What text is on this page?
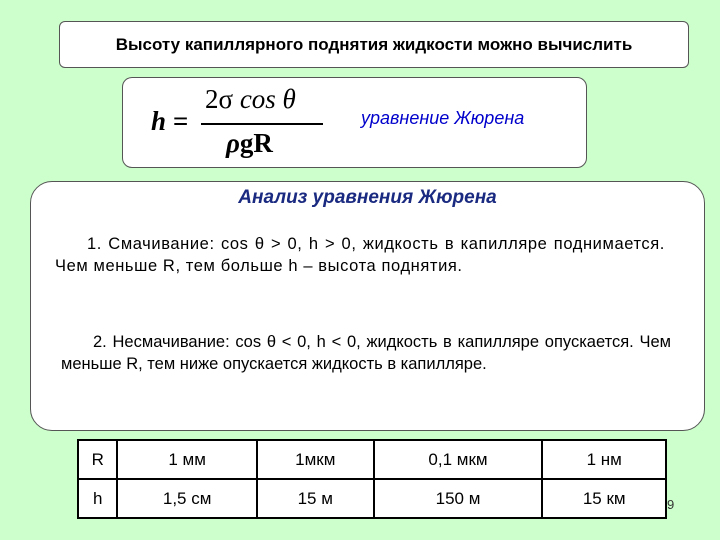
Высоту капиллярного поднятия жидкости можно вычислить
h =
2σ cos θ
ρgR
уравнение Жюрена
Анализ уравнения Жюрена
1. Смачивание: cos θ > 0, h > 0, жидкость в капилляре поднимается. Чем меньше R, тем больше h – высота поднятия.
2. Несмачивание: cos θ < 0, h < 0, жидкость в капилляре опускается. Чем меньше R, тем ниже опускается жидкость в капилляре.
R	1 мм	1мкм	0,1 мкм	1 нм
h	1,5 см	15 м	150 м	15 км	9
